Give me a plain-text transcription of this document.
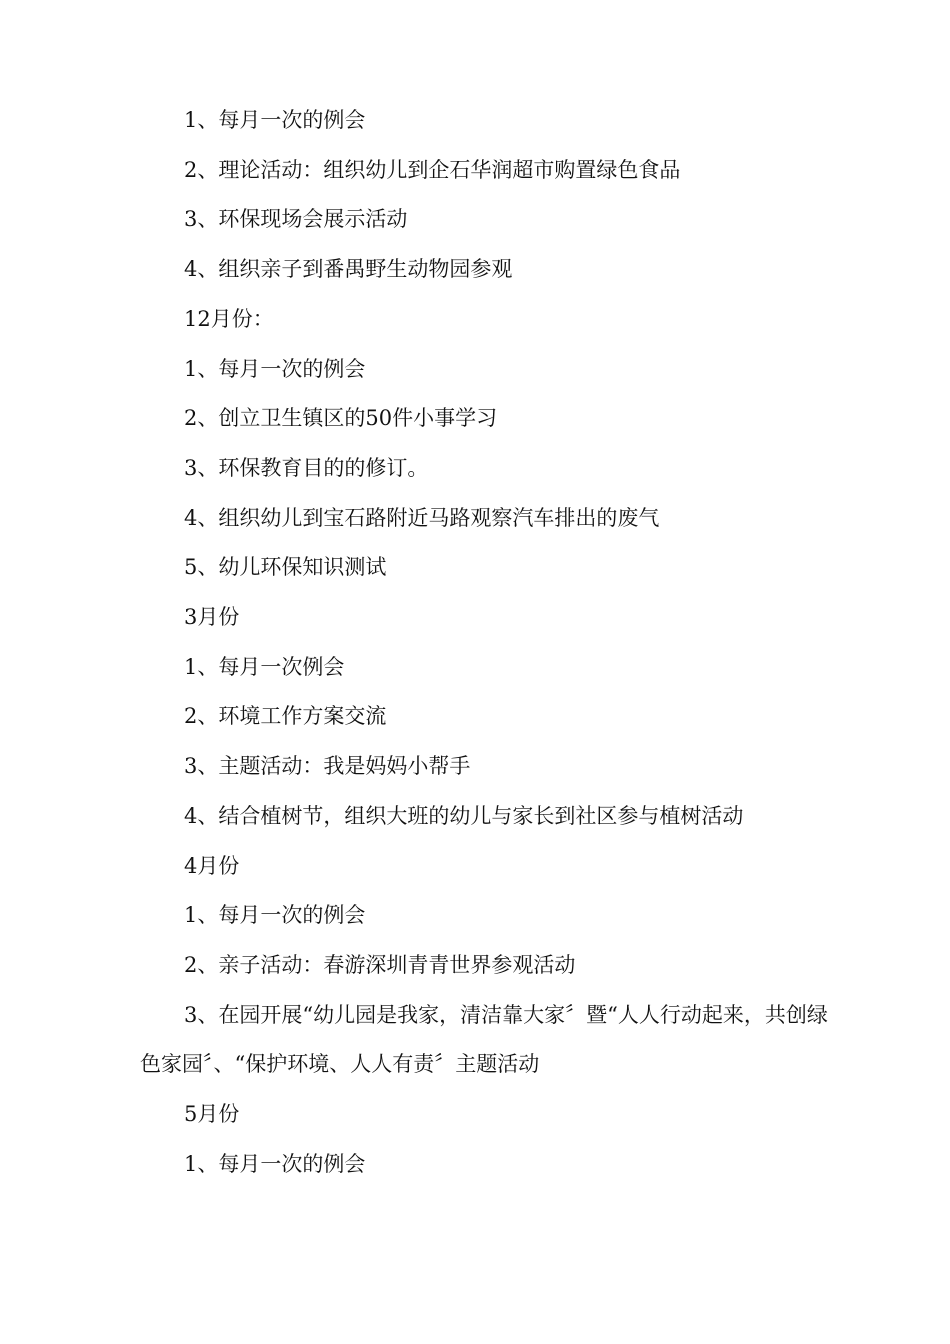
1、每月一次的例会

2、理论活动：组织幼儿到企石华润超市购置绿色食品

3、环保现场会展示活动

4、组织亲子到番禺野生动物园参观

12月份：

1、每月一次的例会

2、创立卫生镇区的50件小事学习

3、环保教育目的的修订。

4、组织幼儿到宝石路附近马路观察汽车排出的废气

5、幼儿环保知识测试

3月份

1、每月一次例会

2、环境工作方案交流

3、主题活动：我是妈妈小帮手

4、结合植树节，组织大班的幼儿与家长到社区参与植树活动

4月份

1、每月一次的例会

2、亲子活动：春游深圳青青世界参观活动

3、在园开展“幼儿园是我家，清洁靠大家〞暨“人人行动起来，共创绿色家园〞、“保护环境、人人有责〞主题活动

5月份

1、每月一次的例会
